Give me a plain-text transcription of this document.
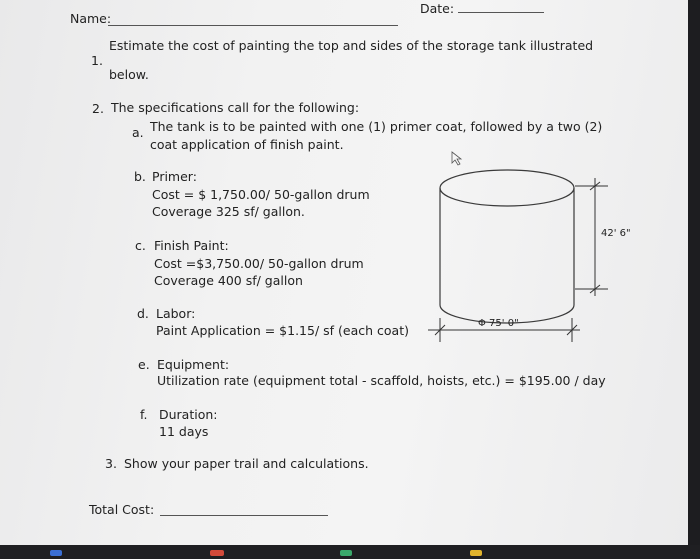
Name:
Date:
1.
Estimate the cost of painting the top and sides of the storage tank illustrated
below.
2. The specifications call for the following:
a. The tank is to be painted with one (1) primer coat, followed by a two (2)
coat application of finish paint.
b. Primer:
Cost = $ 1,750.00/ 50-gallon drum
Coverage 325 sf/ gallon.
c. Finish Paint:
Cost =$3,750.00/ 50-gallon drum
Coverage 400 sf/ gallon
d. Labor:
Paint Application = $1.15/ sf (each coat)
e. Equipment:
Utilization rate (equipment total - scaffold, hoists, etc.) = $195.00 / day
f. Duration:
11 days
3. Show your paper trail and calculations.
Total Cost:
42' 6"
Φ 75' 0"
